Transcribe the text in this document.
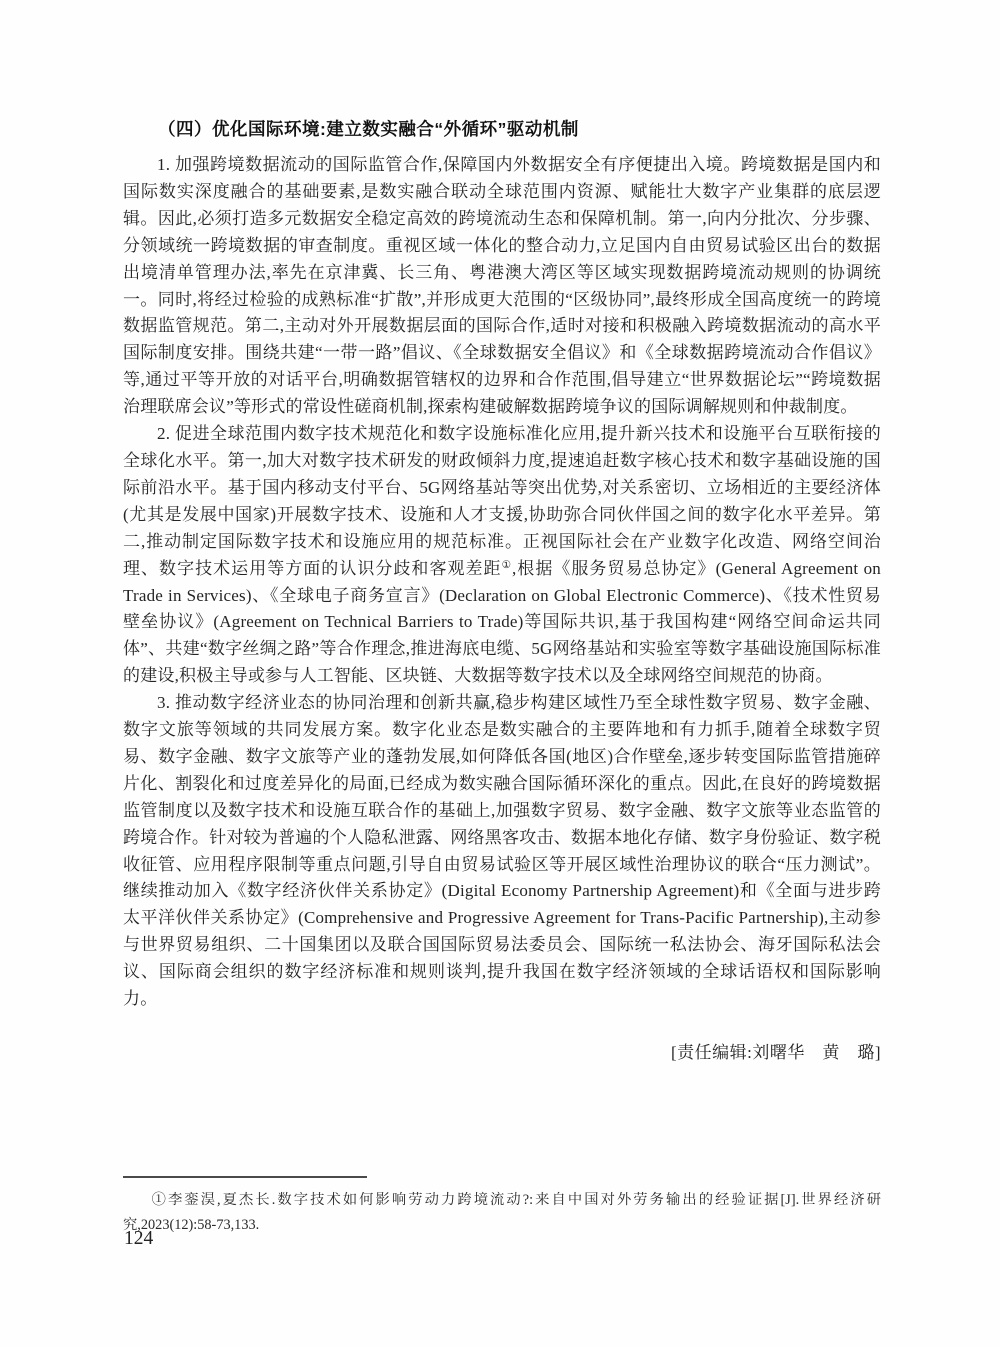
（四）优化国际环境:建立数实融合“外循环”驱动机制

1. 加强跨境数据流动的国际监管合作,保障国内外数据安全有序便捷出入境。跨境数据是国内和国际数实深度融合的基础要素,是数实融合联动全球范围内资源、赋能壮大数字产业集群的底层逻辑。因此,必须打造多元数据安全稳定高效的跨境流动生态和保障机制。第一,向内分批次、分步骤、分领域统一跨境数据的审查制度。重视区域一体化的整合动力,立足国内自由贸易试验区出台的数据出境清单管理办法,率先在京津冀、长三角、粤港澳大湾区等区域实现数据跨境流动规则的协调统一。同时,将经过检验的成熟标准“扩散”,并形成更大范围的“区级协同”,最终形成全国高度统一的跨境数据监管规范。第二,主动对外开展数据层面的国际合作,适时对接和积极融入跨境数据流动的高水平国际制度安排。围绕共建“一带一路”倡议、《全球数据安全倡议》和《全球数据跨境流动合作倡议》等,通过平等开放的对话平台,明确数据管辖权的边界和合作范围,倡导建立“世界数据论坛”“跨境数据治理联席会议”等形式的常设性磋商机制,探索构建破解数据跨境争议的国际调解规则和仲裁制度。

2. 促进全球范围内数字技术规范化和数字设施标准化应用,提升新兴技术和设施平台互联衔接的全球化水平。第一,加大对数字技术研发的财政倾斜力度,提速追赶数字核心技术和数字基础设施的国际前沿水平。基于国内移动支付平台、5G网络基站等突出优势,对关系密切、立场相近的主要经济体(尤其是发展中国家)开展数字技术、设施和人才支援,协助弥合同伙伴国之间的数字化水平差异。第二,推动制定国际数字技术和设施应用的规范标准。正视国际社会在产业数字化改造、网络空间治理、数字技术运用等方面的认识分歧和客观差距①,根据《服务贸易总协定》(General Agreement on Trade in Services)、《全球电子商务宣言》(Declaration on Global Electronic Commerce)、《技术性贸易壁垒协议》(Agreement on Technical Barriers to Trade)等国际共识,基于我国构建“网络空间命运共同体”、共建“数字丝绸之路”等合作理念,推进海底电缆、5G网络基站和实验室等数字基础设施国际标准的建设,积极主导或参与人工智能、区块链、大数据等数字技术以及全球网络空间规范的协商。

3. 推动数字经济业态的协同治理和创新共赢,稳步构建区域性乃至全球性数字贸易、数字金融、数字文旅等领域的共同发展方案。数字化业态是数实融合的主要阵地和有力抓手,随着全球数字贸易、数字金融、数字文旅等产业的蓬勃发展,如何降低各国(地区)合作壁垒,逐步转变国际监管措施碎片化、割裂化和过度差异化的局面,已经成为数实融合国际循环深化的重点。因此,在良好的跨境数据监管制度以及数字技术和设施互联合作的基础上,加强数字贸易、数字金融、数字文旅等业态监管的跨境合作。针对较为普遍的个人隐私泄露、网络黑客攻击、数据本地化存储、数字身份验证、数字税收征管、应用程序限制等重点问题,引导自由贸易试验区等开展区域性治理协议的联合“压力测试”。继续推动加入《数字经济伙伴关系协定》(Digital Economy Partnership Agreement)和《全面与进步跨太平洋伙伴关系协定》(Comprehensive and Progressive Agreement for Trans-Pacific Partnership),主动参与世界贸易组织、二十国集团以及联合国国际贸易法委员会、国际统一私法协会、海牙国际私法会议、国际商会组织的数字经济标准和规则谈判,提升我国在数字经济领域的全球话语权和国际影响力。

[责任编辑:刘曙华　黄　璐]

①李銮淏,夏杰长.数字技术如何影响劳动力跨境流动?:来自中国对外劳务输出的经验证据[J].世界经济研究,2023(12):58-73,133.

124
